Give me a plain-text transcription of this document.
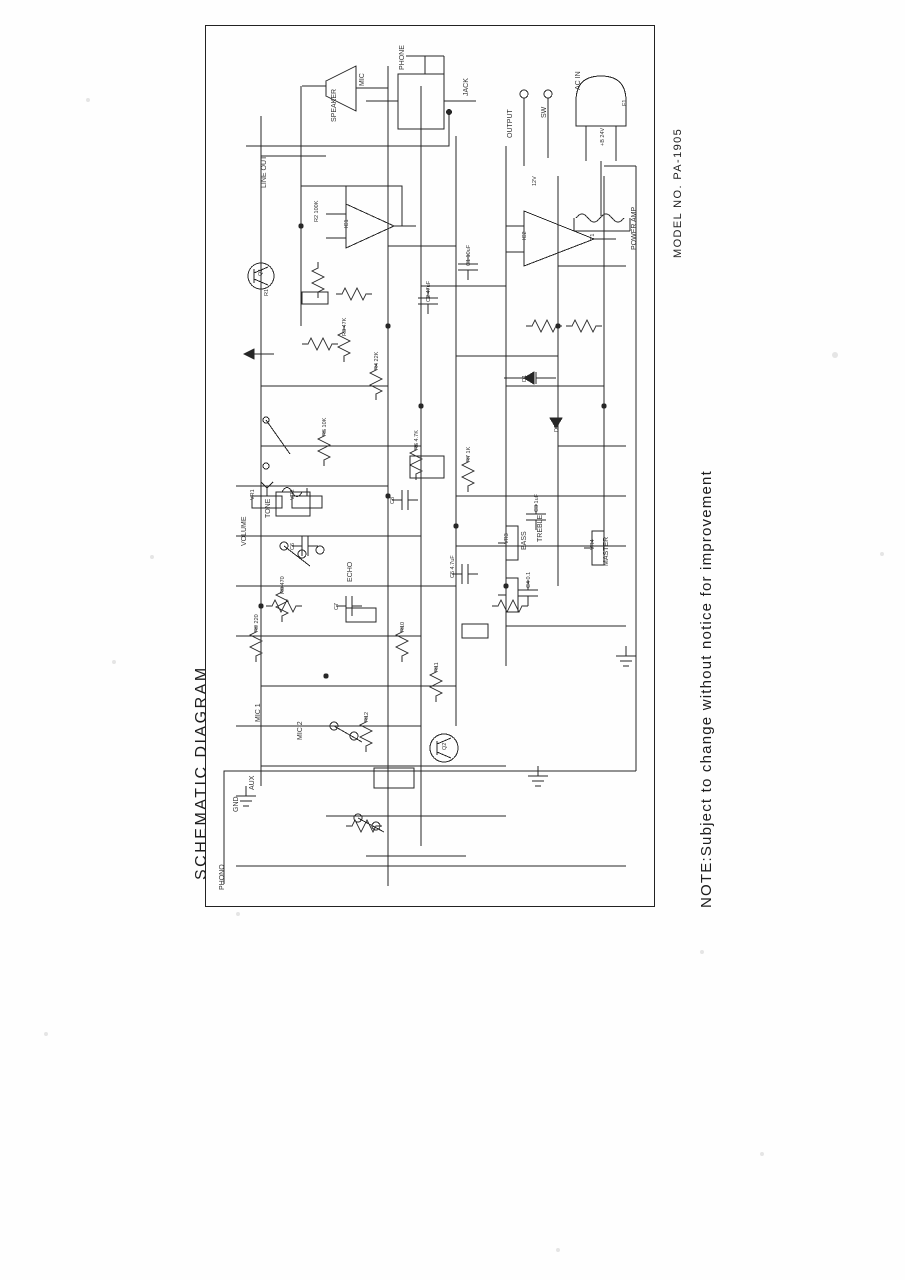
SCHEMATIC DIAGRAM
MODEL NO. PA-1905
NOTE:Subject to change without notice for improvement
R1
R2 100K
R3 47K
R4 22K
R5 10K
R6 4.7K
R7 1K
R8 470
R9 220	R10
R11
R12
C1 10uF
C2 47uF
C3 1uF
C4 0.1
C5 4.7uF
C6
C7
C8
D1
D2
Q1
Q2
IC1
IC2
VR1	VR2
VR3
VR4
T1
F1
+B 24V
12V
SPEAKER
MIC
PHONE
JACK
OUTPUT
AC IN
SW
LINE OUT
POWER AMP
TONE
VOLUME
ECHO
BASS TREBLE
MASTER
MIC 1
MIC 2
GND
AUX
PHONO
